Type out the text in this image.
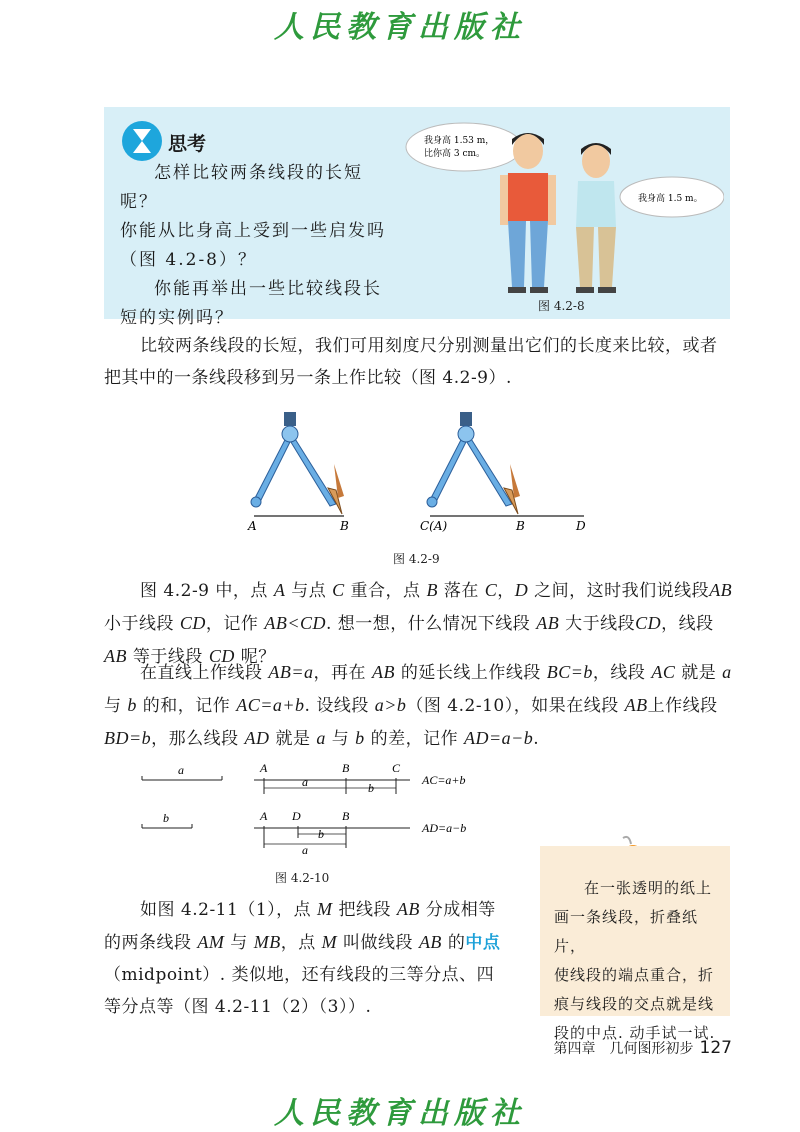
人民教育出版社
思考

怎样比较两条线段的长短呢？

你能从比身高上受到一些启发吗

（图 4.2-8）？

你能再举出一些比较线段长

短的实例吗？

我身高 1.53 m，
比你高 3 cm。
我身高 1.5 m。
图 4.2-8

比较两条线段的长短，我们可用刻度尺分别测量出它们的长度来比较，或者把其中的一条线段移到另一条上作比较（图 4.2-9）.

A	B	C(A)	B	D
图 4.2-9

图 4.2-9 中，点 A 与点 C 重合，点 B 落在 C，D 之间，这时我们说线段AB 小于线段 CD，记作 AB<CD. 想一想，什么情况下线段 AB 大于线段CD，线段 AB 等于线段 CD 呢？

在直线上作线段 AB=a，再在 AB 的延长线上作线段 BC=b，线段 AC 就是 a 与 b 的和，记作 AC=a+b. 设线段 a>b（图 4.2-10），如果在线段 AB上作线段 BD=b，那么线段 AD 就是 a 与 b 的差，记作 AD=a−b.

a
b
A	B	C
a	b
AC=a+b
A D	B
b
a
AD=a−b
图 4.2-10

如图 4.2-11（1），点 M 把线段 AB 分成相等的两条线段 AM 与 MB，点 M 叫做线段 AB 的中点（midpoint）. 类似地，还有线段的三等分点、四等分点等（图 4.2-11（2）（3））.

在一张透明的纸上
画一条线段，折叠纸片，
使线段的端点重合，折
痕与线段的交点就是线
段的中点. 动手试一试.
第四章　几何图形初步 127
人民教育出版社
